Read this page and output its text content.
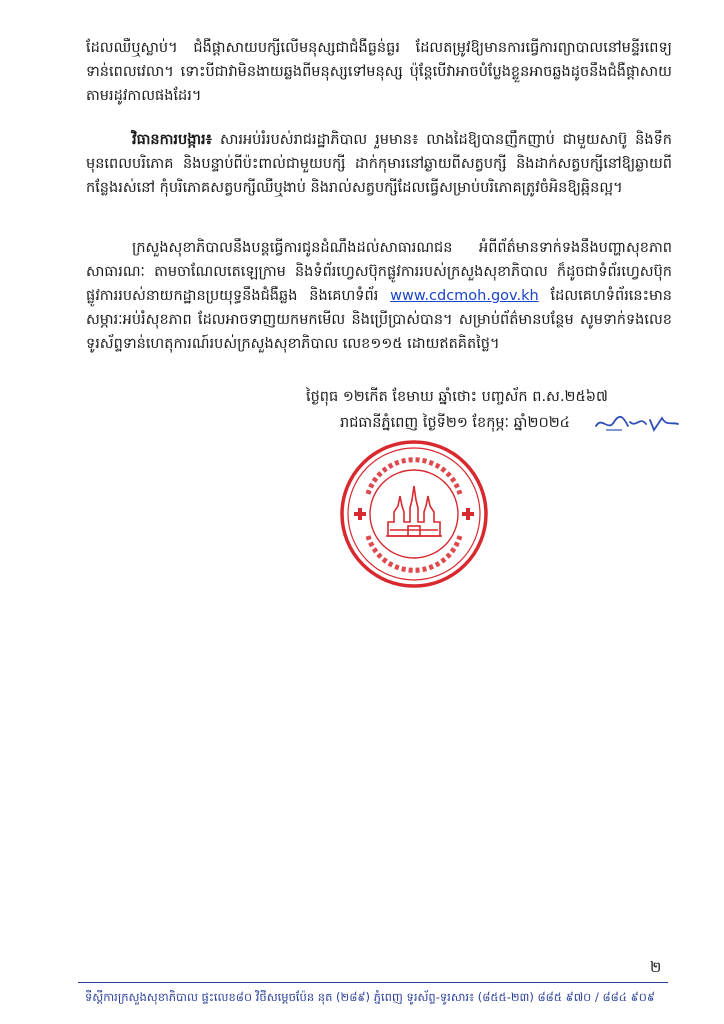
ដែលឈឺឬស្លាប់។ ជំងឺផ្ដាសាយបក្សីលើមនុស្សជាជំងឺធ្ងន់ធ្ងរ ដែលតម្រូវឱ្យមានការធ្វើការព្យាបាលនៅមន្ទីរពេទ្យទាន់ពេលវេលា។ ទោះបីជាវាមិនងាយឆ្លងពីមនុស្សទៅមនុស្ស ប៉ុន្តែបើវាអាចបំប្លែងខ្លួនអាចឆ្លងដូចនឹងជំងឺផ្ដាសាយតាមរដូវកាលផងដែរ។

វិធានការបង្ការ៖ សារអប់រំរបស់រាជរដ្ឋាភិបាល រួមមាន៖ លាងដៃឱ្យបានញឹកញាប់ ជាមួយសាប៊ូ និងទឹកមុនពេលបរិភោគ និងបន្ទាប់ពីប៉ះពាល់ជាមួយបក្សី ដាក់កុមារនៅឆ្ងាយពីសត្វបក្សី និងដាក់សត្វបក្សីនៅឱ្យឆ្ងាយពីកន្លែងរស់នៅ កុំបរិភោគសត្វបក្សីឈឺឬងាប់ និងរាល់សត្វបក្សីដែលធ្វើសម្រាប់បរិភោគត្រូវចំអិនឱ្យឆ្អិនល្អ។

ក្រសួងសុខាភិបាលនឹងបន្តធ្វើការជូនដំណឹងដល់សាធារណជន អំពីព័ត៌មានទាក់ទងនឹងបញ្ហាសុខភាពសាធារណៈ តាមចាណែលតេឡេក្រាម និងទំព័រហ្វេសប៊ុកផ្លូវការរបស់ក្រសួងសុខាភិបាល ក៏ដូចជាទំព័រហ្វេសប៊ុកផ្លូវការរបស់នាយកដ្ឋានប្រយុទ្ធនឹងជំងឺឆ្លង និងគេហទំព័រ www.cdcmoh.gov.kh ដែលគេហទំព័រនេះមានសម្ភារៈអប់រំសុខភាព ដែលអាចទាញយកមកមើល និងប្រើប្រាស់បាន។ សម្រាប់ព័ត៌មានបន្ថែម សូមទាក់ទងលេខទូរស័ព្ទទាន់ហេតុការណ៍របស់ក្រសួងសុខាភិបាល លេខ១១៥ ដោយឥតគិតថ្លៃ។

ថ្ងៃពុធ ១២កើត ខែមាឃ ឆ្នាំថោះ បញ្ចស័ក ព.ស.២៥៦៧
រាជធានីភ្នំពេញ ថ្ងៃទី២១ ខែកុម្ភៈ ឆ្នាំ២០២៤
២
ទីស្ដីការក្រសួងសុខាភិបាល ផ្ទះលេខ៨០ វិថីសម្ដេចប៉ែន នុត (២៨៩) ភ្នំពេញ ទូរស័ព្ទ-ទូរសារ៖ (៨៥៥-២៣) ៨៨៥ ៩៧០ / ៨៨៤ ៩០៩
